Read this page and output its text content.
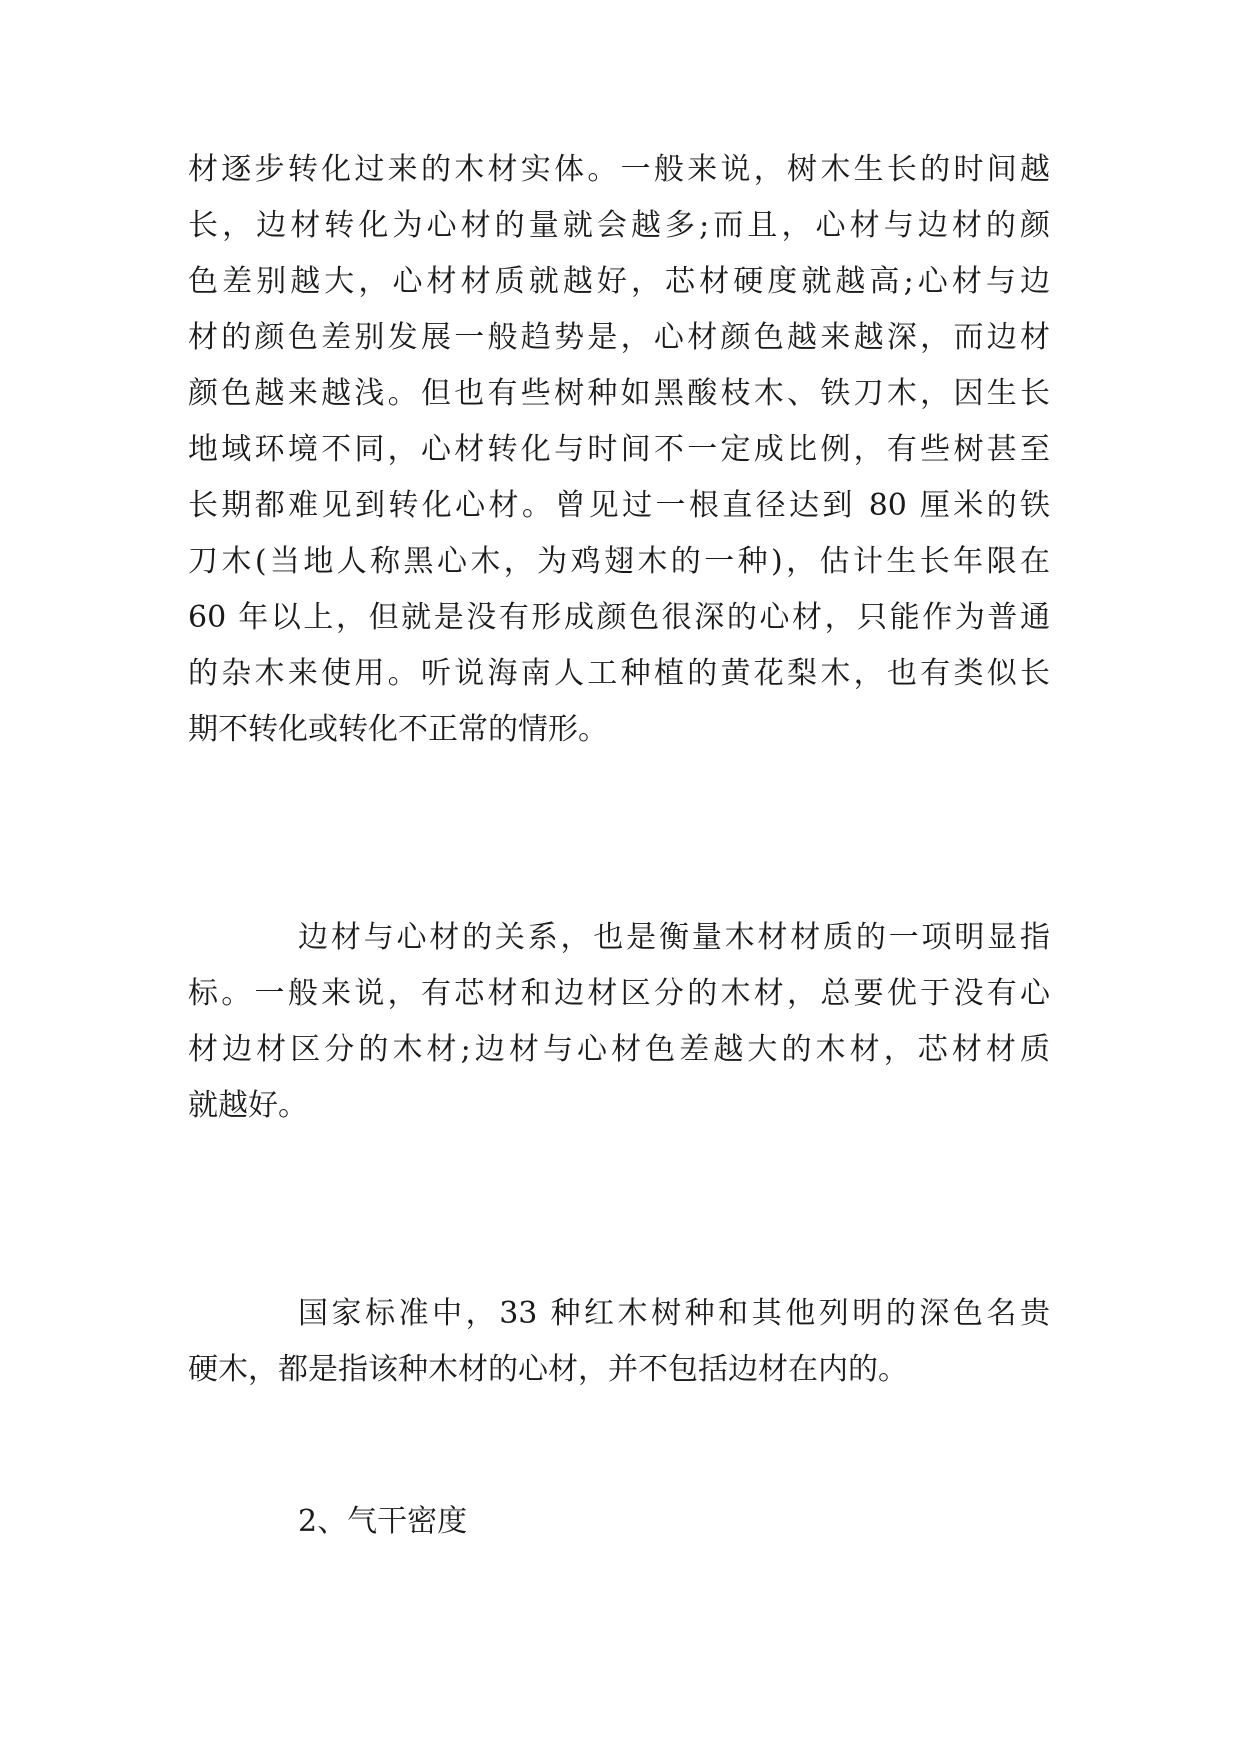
材逐步转化过来的木材实体。一般来说，树木生长的时间越
长，边材转化为心材的量就会越多;而且，心材与边材的颜
色差别越大，心材材质就越好，芯材硬度就越高;心材与边
材的颜色差别发展一般趋势是，心材颜色越来越深，而边材
颜色越来越浅。但也有些树种如黑酸枝木、铁刀木，因生长
地域环境不同，心材转化与时间不一定成比例，有些树甚至
长期都难见到转化心材。曾见过一根直径达到 80 厘米的铁
刀木(当地人称黑心木，为鸡翅木的一种)，估计生长年限在
60 年以上，但就是没有形成颜色很深的心材，只能作为普通
的杂木来使用。听说海南人工种植的黄花梨木，也有类似长
期不转化或转化不正常的情形。
边材与心材的关系，也是衡量木材材质的一项明显指
标。一般来说，有芯材和边材区分的木材，总要优于没有心
材边材区分的木材;边材与心材色差越大的木材，芯材材质
就越好。
国家标准中，33 种红木树种和其他列明的深色名贵
硬木，都是指该种木材的心材，并不包括边材在内的。
2、气干密度
